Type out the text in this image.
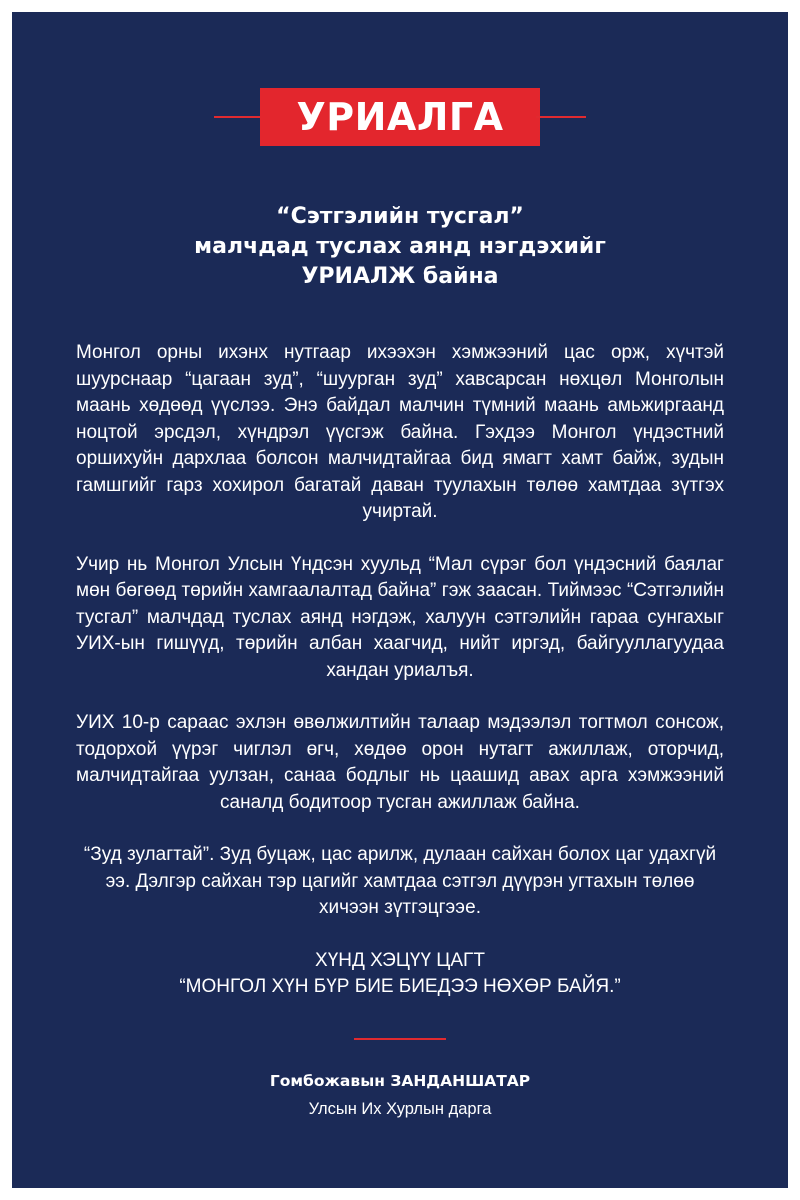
УРИАЛГА
“Сэтгэлийн тусгал”
малчдад туслах аянд нэгдэхийг
УРИАЛЖ байна

Монгол орны ихэнх нутгаар ихээхэн хэмжээний цас орж, хүчтэй шуурснаар “цагаан зуд”, “шуурган зуд” хавсарсан нөхцөл Монголын маань хөдөөд үүслээ. Энэ байдал малчин түмний маань амьжиргаанд ноцтой эрсдэл, хүндрэл үүсгэж байна. Гэхдээ Монгол үндэстний оршихуйн дархлаа болсон малчидтайгаа бид ямагт хамт байж, зудын гамшгийг гарз хохирол багатай даван туулахын төлөө хамтдаа зүтгэх учиртай.

Учир нь Монгол Улсын Үндсэн хуульд “Мал сүрэг бол үндэсний баялаг мөн бөгөөд төрийн хамгаалалтад байна” гэж заасан. Тиймээс “Сэтгэлийн тусгал” малчдад туслах аянд нэгдэж, халуун сэтгэлийн гараа сунгахыг УИХ-ын гишүүд, төрийн албан хаагчид, нийт иргэд, байгууллагуудаа хандан уриалъя.

УИХ 10-р сараас эхлэн өвөлжилтийн талаар мэдээлэл тогтмол сонсож, тодорхой үүрэг чиглэл өгч, хөдөө орон нутагт ажиллаж, оторчид, малчидтайгаа уулзан, санаа бодлыг нь цаашид авах арга хэмжээний саналд бодитоор тусган ажиллаж байна.

“Зуд зулагтай”. Зуд буцаж, цас арилж, дулаан сайхан болох цаг удахгүй ээ. Дэлгэр сайхан тэр цагийг хамтдаа сэтгэл дүүрэн угтахын төлөө хичээн зүтгэцгээе.

ХҮНД ХЭЦҮҮ ЦАГТ
“МОНГОЛ ХҮН БҮР БИЕ БИЕДЭЭ НӨХӨР БАЙЯ.”
Гомбожавын ЗАНДАНШАТАР
Улсын Их Хурлын дарга
